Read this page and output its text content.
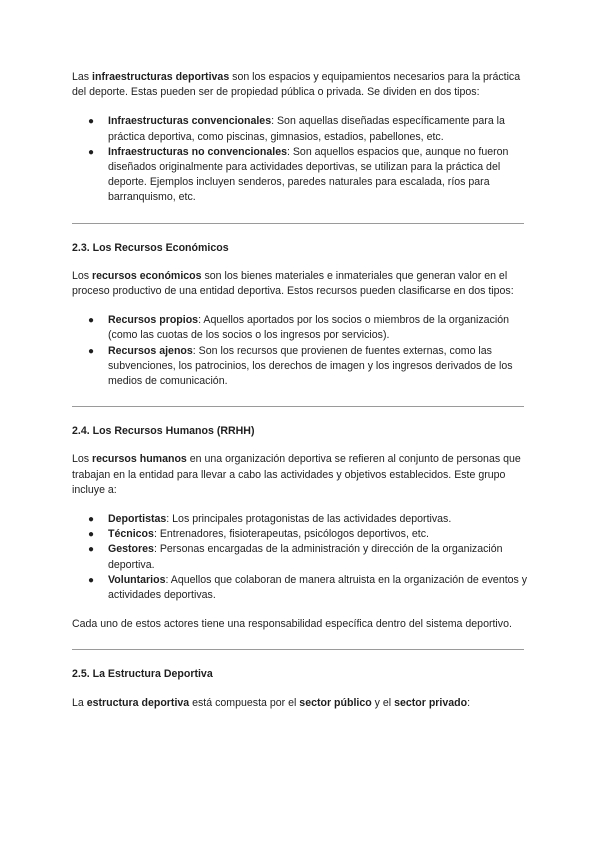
Las infraestructuras deportivas son los espacios y equipamientos necesarios para la práctica del deporte. Estas pueden ser de propiedad pública o privada. Se dividen en dos tipos:

● Infraestructuras convencionales: Son aquellas diseñadas específicamente para la práctica deportiva, como piscinas, gimnasios, estadios, pabellones, etc.
● Infraestructuras no convencionales: Son aquellos espacios que, aunque no fueron diseñados originalmente para actividades deportivas, se utilizan para la práctica del deporte. Ejemplos incluyen senderos, paredes naturales para escalada, ríos para barranquismo, etc.
2.3. Los Recursos Económicos

Los recursos económicos son los bienes materiales e inmateriales que generan valor en el proceso productivo de una entidad deportiva. Estos recursos pueden clasificarse en dos tipos:

● Recursos propios: Aquellos aportados por los socios o miembros de la organización (como las cuotas de los socios o los ingresos por servicios).
● Recursos ajenos: Son los recursos que provienen de fuentes externas, como las subvenciones, los patrocinios, los derechos de imagen y los ingresos derivados de los medios de comunicación.
2.4. Los Recursos Humanos (RRHH)

Los recursos humanos en una organización deportiva se refieren al conjunto de personas que trabajan en la entidad para llevar a cabo las actividades y objetivos establecidos. Este grupo incluye a:

● Deportistas: Los principales protagonistas de las actividades deportivas.
● Técnicos: Entrenadores, fisioterapeutas, psicólogos deportivos, etc.
● Gestores: Personas encargadas de la administración y dirección de la organización deportiva.
● Voluntarios: Aquellos que colaboran de manera altruista en la organización de eventos y actividades deportivas.

Cada uno de estos actores tiene una responsabilidad específica dentro del sistema deportivo.

2.5. La Estructura Deportiva

La estructura deportiva está compuesta por el sector público y el sector privado:
